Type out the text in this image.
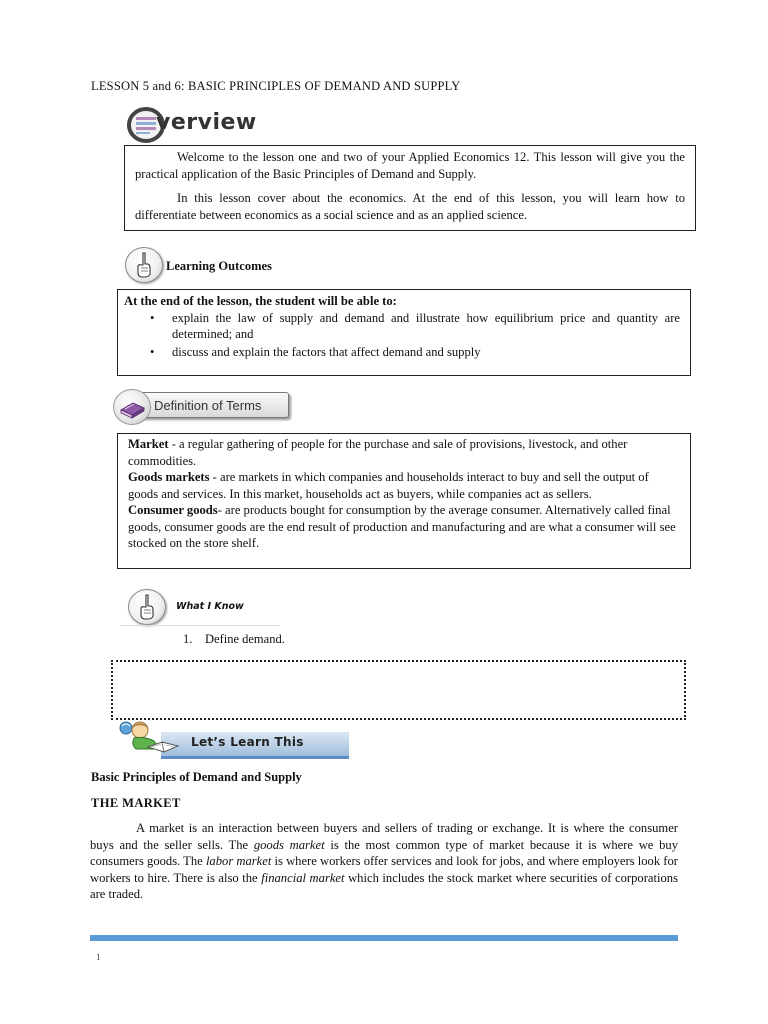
LESSON 5 and 6: BASIC PRINCIPLES OF DEMAND AND SUPPLY
verview

Welcome to the lesson one and two of your Applied Economics 12. This lesson will give you the practical application of the Basic Principles of Demand and Supply.

In this lesson cover about the economics. At the end of this lesson, you will learn how to differentiate between economics as a social science and as an applied science.

Learning Outcomes

At the end of the lesson, the student will be able to:

• explain the law of supply and demand and illustrate how equilibrium price and quantity are determined; and
• discuss and explain the factors that affect demand and supply
Definition of Terms

Market - a regular gathering of people for the purchase and sale of provisions, livestock, and other commodities.

Goods markets - are markets in which companies and households interact to buy and sell the output of goods and services. In this market, households act as buyers, while companies act as sellers.

Consumer goods- are products bought for consumption by the average consumer. Alternatively called final goods, consumer goods are the end result of production and manufacturing and are what a consumer will see stocked on the store shelf.

What I Know
1. Define demand.
Let’s Learn This
Basic Principles of Demand and Supply
THE MARKET

A market is an interaction between buyers and sellers of trading or exchange. It is where the consumer buys and the seller sells. The goods market is the most common type of market because it is where we buy consumers goods. The labor market is where workers offer services and look for jobs, and where employers look for workers to hire. There is also the financial market which includes the stock market where securities of corporations are traded.

1
